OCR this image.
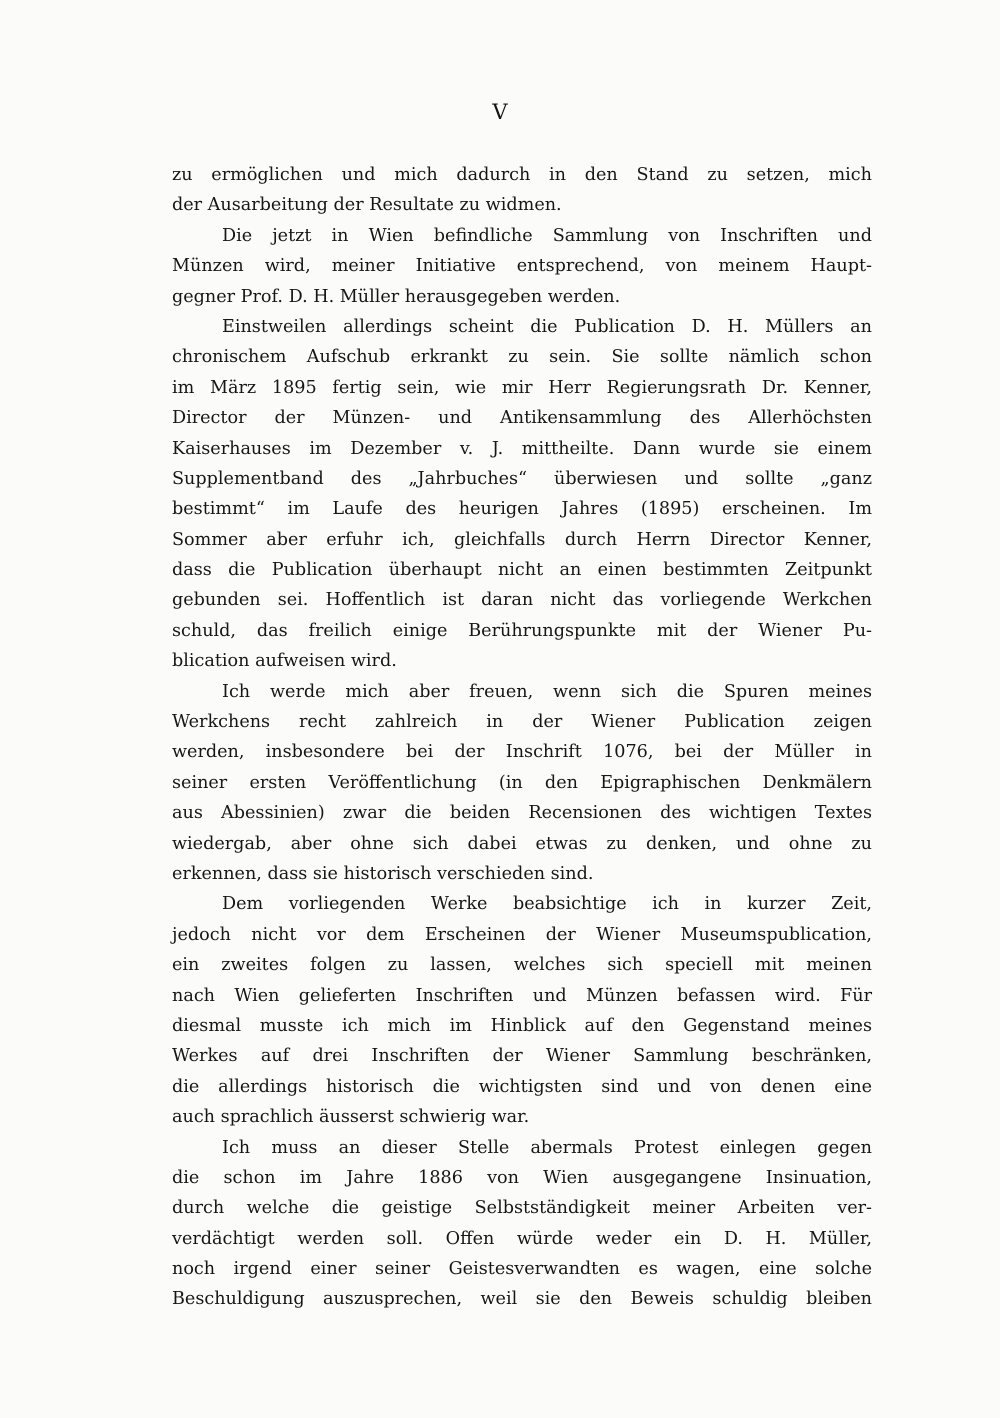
V

zu ermöglichen und mich dadurch in den Stand zu setzen, mich
der Ausarbeitung der Resultate zu widmen.

Die jetzt in Wien befindliche Sammlung von Inschriften und
Münzen wird, meiner Initiative entsprechend, von meinem Haupt-
gegner Prof. D. H. Müller herausgegeben werden.

Einstweilen allerdings scheint die Publication D. H. Müllers an
chronischem Aufschub erkrankt zu sein. Sie sollte nämlich schon
im März 1895 fertig sein, wie mir Herr Regierungsrath Dr. Kenner,
Director der Münzen- und Antikensammlung des Allerhöchsten
Kaiserhauses im Dezember v. J. mittheilte. Dann wurde sie einem
Supplementband des „Jahrbuches“ überwiesen und sollte „ganz
bestimmt“ im Laufe des heurigen Jahres (1895) erscheinen. Im
Sommer aber erfuhr ich, gleichfalls durch Herrn Director Kenner,
dass die Publication überhaupt nicht an einen bestimmten Zeitpunkt
gebunden sei. Hoffentlich ist daran nicht das vorliegende Werkchen
schuld, das freilich einige Berührungspunkte mit der Wiener Pu-
blication aufweisen wird.

Ich werde mich aber freuen, wenn sich die Spuren meines
Werkchens recht zahlreich in der Wiener Publication zeigen
werden, insbesondere bei der Inschrift 1076, bei der Müller in
seiner ersten Veröffentlichung (in den Epigraphischen Denkmälern
aus Abessinien) zwar die beiden Recensionen des wichtigen Textes
wiedergab, aber ohne sich dabei etwas zu denken, und ohne zu
erkennen, dass sie historisch verschieden sind.

Dem vorliegenden Werke beabsichtige ich in kurzer Zeit,
jedoch nicht vor dem Erscheinen der Wiener Museumspublication,
ein zweites folgen zu lassen, welches sich speciell mit meinen
nach Wien gelieferten Inschriften und Münzen befassen wird. Für
diesmal musste ich mich im Hinblick auf den Gegenstand meines
Werkes auf drei Inschriften der Wiener Sammlung beschränken,
die allerdings historisch die wichtigsten sind und von denen eine
auch sprachlich äusserst schwierig war.

Ich muss an dieser Stelle abermals Protest einlegen gegen
die schon im Jahre 1886 von Wien ausgegangene Insinuation,
durch welche die geistige Selbstständigkeit meiner Arbeiten ver-
verdächtigt werden soll. Offen würde weder ein D. H. Müller,
noch irgend einer seiner Geistesverwandten es wagen, eine solche
Beschuldigung auszusprechen, weil sie den Beweis schuldig bleiben
